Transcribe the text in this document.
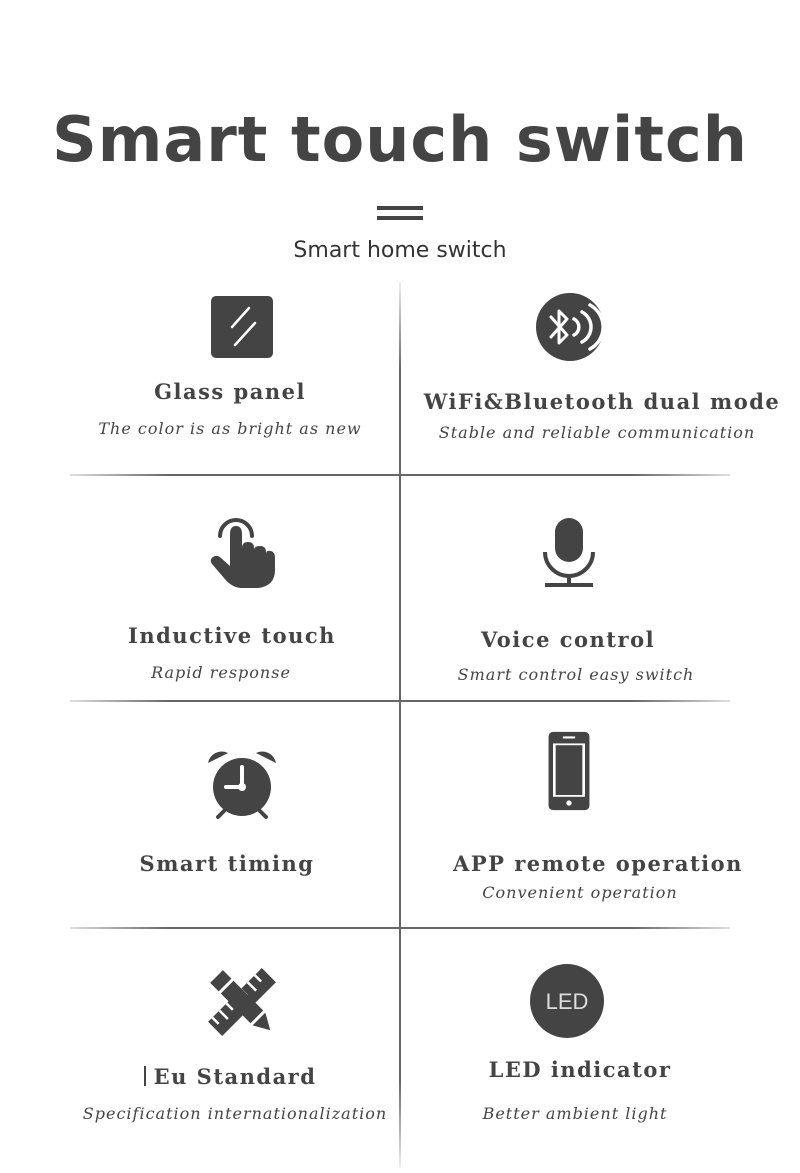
Smart touch switch
Smart home switch
Glass panel
The color is as bright as new
WiFi&Bluetooth dual mode
Stable and reliable communication
Inductive touch
Rapid response
Voice control
Smart control easy switch
Smart timing	APP remote operation
Convenient operation
Eu Standard
Specification internationalization
LED
LED indicator
Better ambient light
